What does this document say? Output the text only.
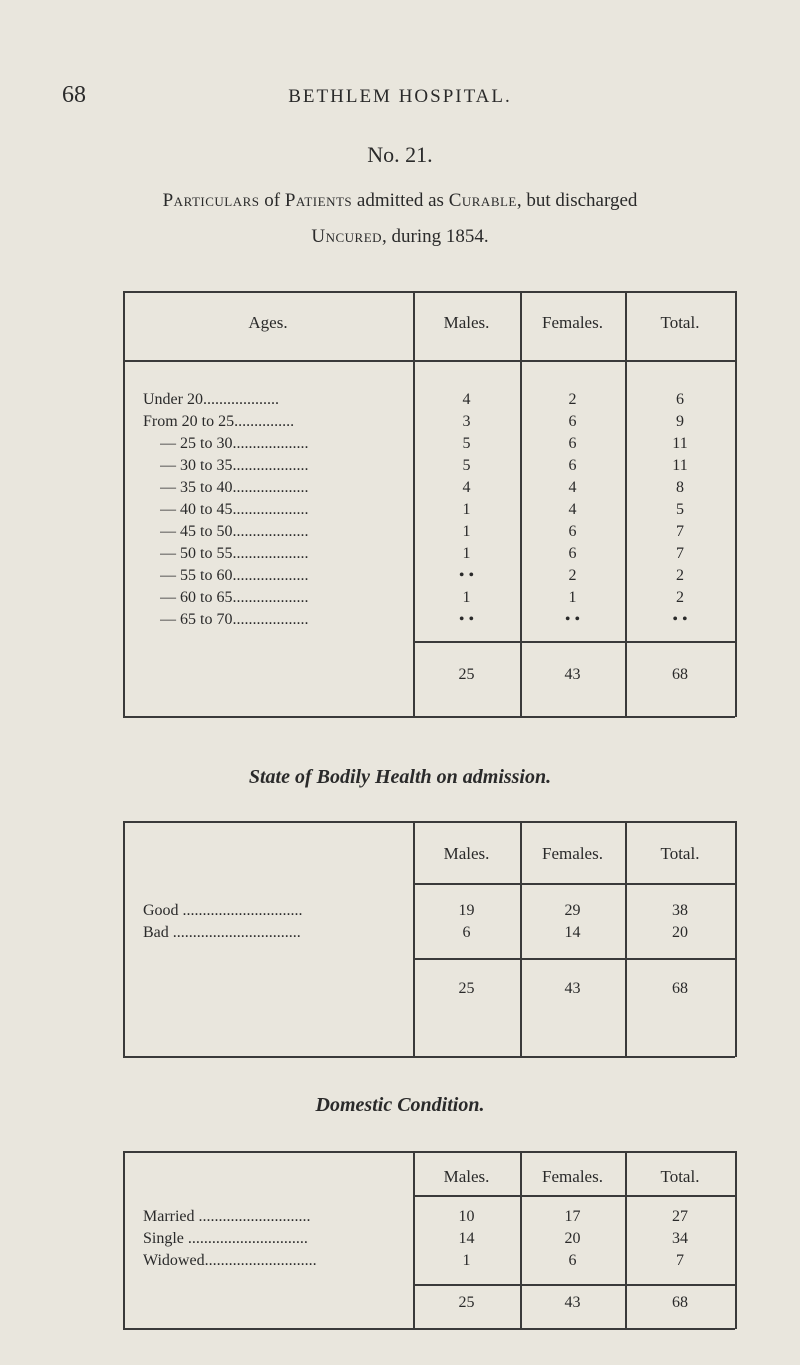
68	BETHLEM HOSPITAL.
No. 21.
Particulars of Patients admitted as Curable, but discharged
Uncured, during 1854.
Ages.	Males.	Females.	Total.
Under 20...................	4	2	6
From 20 to 25...............	3	6	9
— 25 to 30...................	5	6	11
— 30 to 35...................	5	6	11
— 35 to 40...................	4	4	8
— 40 to 45...................	1	4	5
— 45 to 50...................	1	6	7
— 50 to 55...................	1	6	7
— 55 to 60...................	• •	2	2
— 60 to 65...................	1	1	2
— 65 to 70...................	• •	• •	• •
25	43	68
State of Bodily Health on admission.
Males.	Females.	Total.
Good ..............................	19	29	38
Bad ................................	6	14	20
25	43	68
Domestic Condition.
Males.	Females.	Total.
Married ............................	10	17	27
Single ..............................	14	20	34
Widowed............................	1	6	7
25	43	68
